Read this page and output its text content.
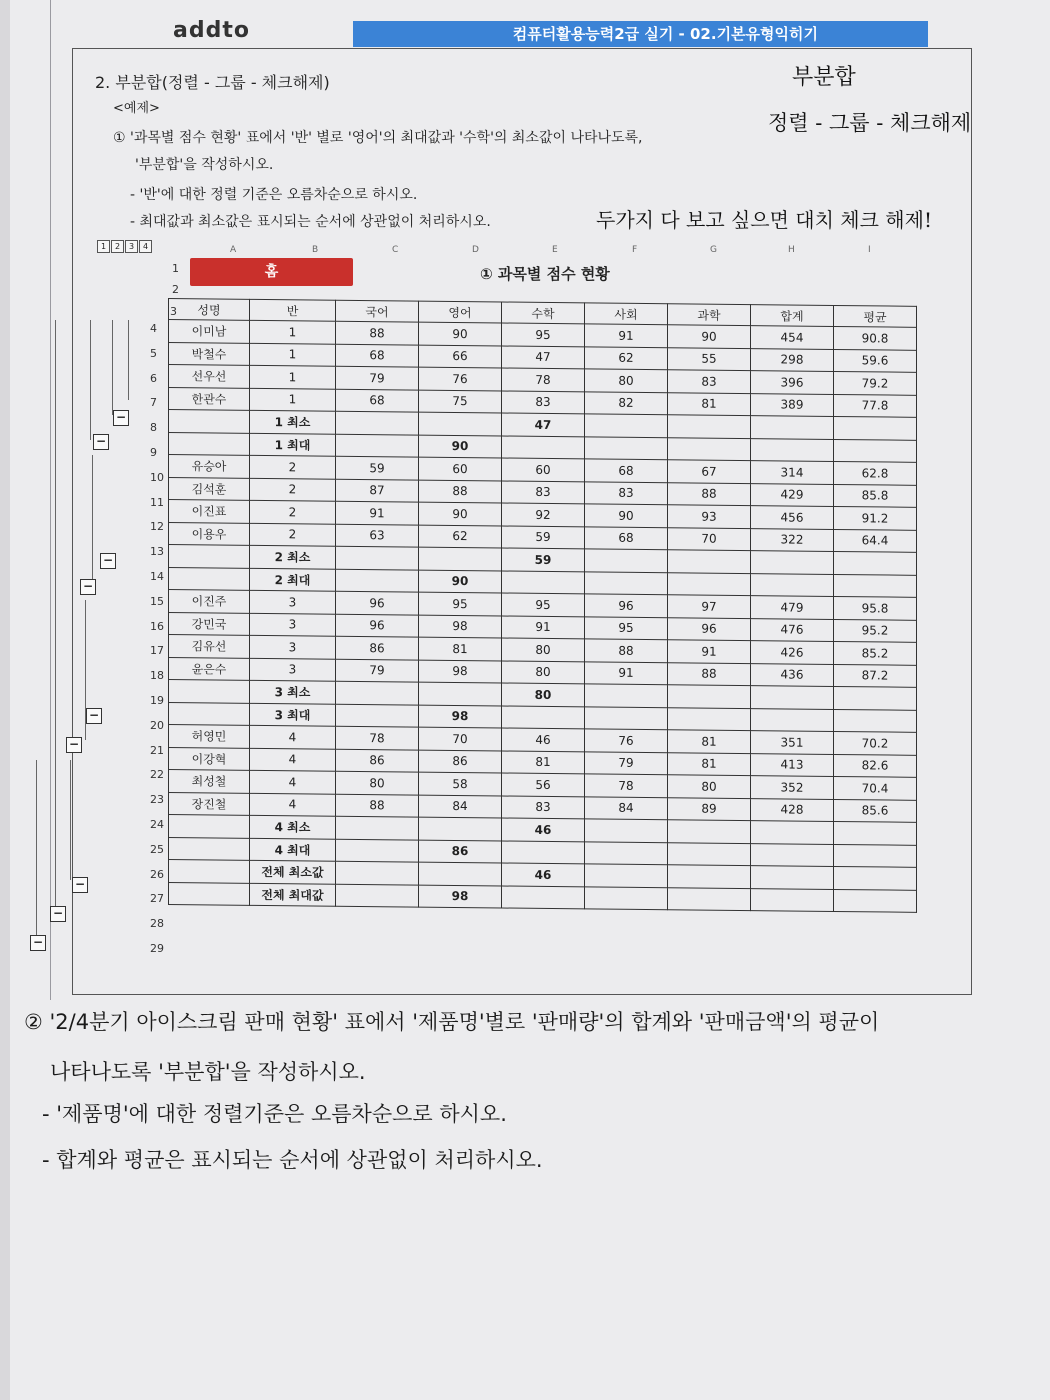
addto	컴퓨터활용능력2급 실기 - 02.기본유형익히기
2. 부분합(정렬 - 그룹 - 체크해제)
<예제>
① '과목별 점수 현황' 표에서 '반' 별로 '영어'의 최대값과 '수학'의 최소값이 나타나도록,
'부분합'을 작성하시오.
- '반'에 대한 정렬 기준은 오름차순으로 하시오.
- 최대값과 최소값은 표시되는 순서에 상관없이 처리하시오.
부분합
정렬 - 그룹 - 체크해제
두가지 다 보고 싶으면 대치 체크 해제!
1	2	3	4	A	B	C	D	E	F	G	H	I
1
2
3
홈	① 과목별 점수 현황
−
−
−
−
−
−
−
−
−
성명	반	국어	영어	수학	사회	과학	합계	평균
이미남	1	88	90	95	91	90	454	90.8
박철수	1	68	66	47	62	55	298	59.6
선우선	1	79	76	78	80	83	396	79.2
한관수	1	68	75	83	82	81	389	77.8
	1 최소			47				
	1 최대		90					
유승아	2	59	60	60	68	67	314	62.8
김석훈	2	87	88	83	83	88	429	85.8
이진표	2	91	90	92	90	93	456	91.2
이용우	2	63	62	59	68	70	322	64.4
	2 최소			59				
	2 최대		90					
이진주	3	96	95	95	96	97	479	95.8
강민국	3	96	98	91	95	96	476	95.2
김유선	3	86	81	80	88	91	426	85.2
윤은수	3	79	98	80	91	88	436	87.2
	3 최소			80				
	3 최대		98					
허영민	4	78	70	46	76	81	351	70.2
이강혁	4	86	86	81	79	81	413	82.6
최성철	4	80	58	56	78	80	352	70.4
장진철	4	88	84	83	84	89	428	85.6
	4 최소			46				
	4 최대		86					
	전체 최소값			46				
	전체 최대값		98					
4
5
6
7
8
9
10
11
12
13
14
15
16
17
18
19
20
21
22
23
24
25
26
27
28
29
② '2/4분기 아이스크림 판매 현황' 표에서 '제품명'별로 '판매량'의 합계와 '판매금액'의 평균이
나타나도록 '부분합'을 작성하시오.
- '제품명'에 대한 정렬기준은 오름차순으로 하시오.
- 합계와 평균은 표시되는 순서에 상관없이 처리하시오.
